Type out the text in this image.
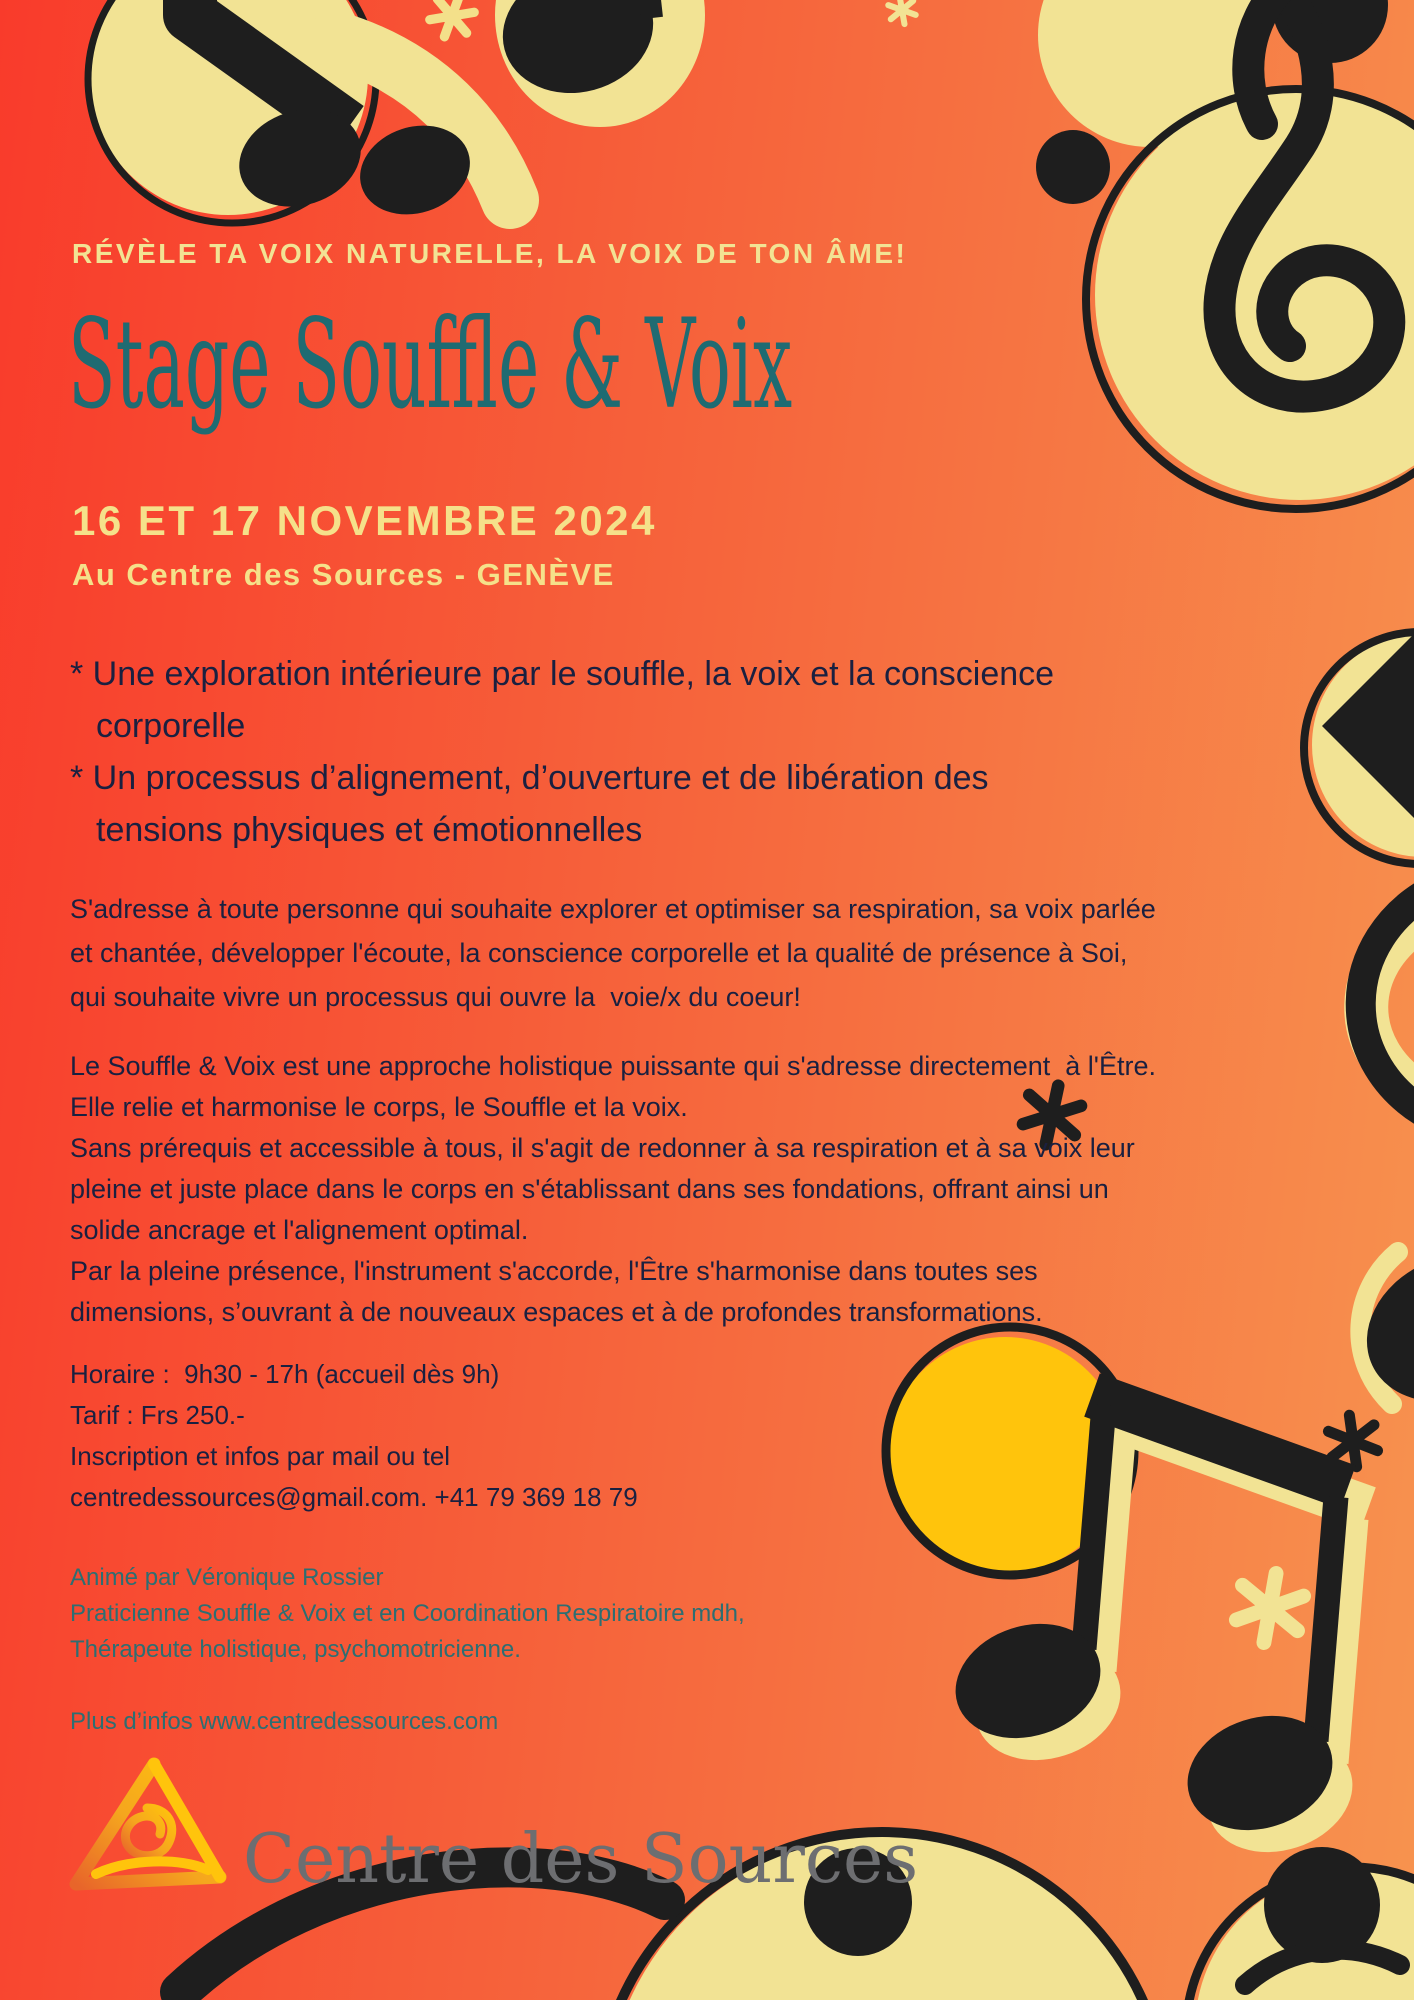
RÉVÈLE TA VOIX NATURELLE, LA VOIX DE TON ÂME!
Stage Souffle & Voix
16 ET 17 NOVEMBRE 2024
Au Centre des Sources - GENÈVE
* Une exploration intérieure par le souffle, la voix et la conscience
corporelle
* Un processus d’alignement, d’ouverture et de libération des
tensions physiques et émotionnelles
S'adresse à toute personne qui souhaite explorer et optimiser sa respiration, sa voix parlée
et chantée, développer l'écoute, la conscience corporelle et la qualité de présence à Soi,
qui souhaite vivre un processus qui ouvre la  voie/x du coeur!
Le Souffle & Voix est une approche holistique puissante qui s'adresse directement  à l'Être.
Elle relie et harmonise le corps, le Souffle et la voix.
Sans prérequis et accessible à tous, il s'agit de redonner à sa respiration et à sa voix leur
pleine et juste place dans le corps en s'établissant dans ses fondations, offrant ainsi un
solide ancrage et l'alignement optimal.
Par la pleine présence, l'instrument s'accorde, l'Être s'harmonise dans toutes ses
dimensions, s’ouvrant à de nouveaux espaces et à de profondes transformations.
Horaire :  9h30 - 17h (accueil dès 9h)
Tarif : Frs 250.-
Inscription et infos par mail ou tel
centredessources@gmail.com. +41 79 369 18 79
Animé par Véronique Rossier
Praticienne Souffle & Voix et en Coordination Respiratoire mdh,
Thérapeute holistique, psychomotricienne.
Plus d’infos www.centredessources.com
Centre des Sources
